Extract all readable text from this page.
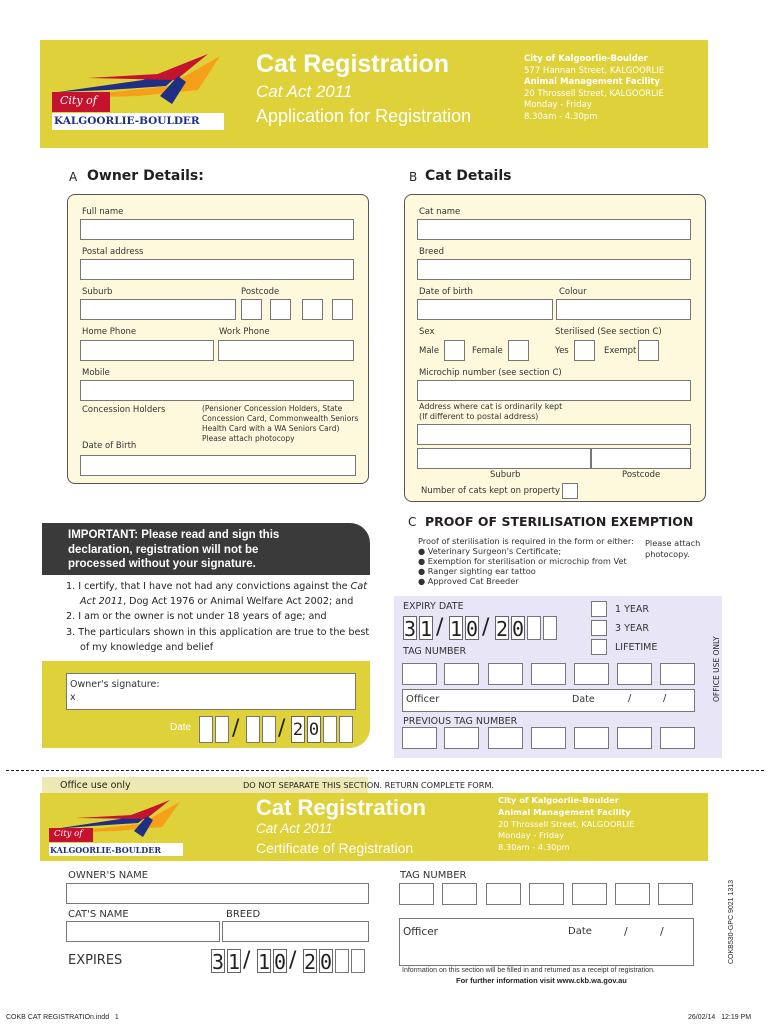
City of
KALGOORLIE-BOULDER
Cat Registration
Cat Act 2011
Application for Registration
City of Kalgoorlie-Boulder
577 Hannan Street, KALGOORLIE
Animal Management Facility
20 Throssell Street, KALGOORLIE
Monday - Friday
8.30am - 4.30pm
A Owner Details:
Full name
Postal address
Suburb	Postcode
Home Phone	Work Phone
Mobile
Concession Holders	(Pensioner Concession Holders, State
Concession Card, Commonwealth Seniors
Health Card with a WA Seniors Card)
Please attach photocopy
Date of Birth
B Cat Details
Cat name
Breed
Date of birth	Colour
Sex	Sterilised (See section C)
Male	Female	Yes	Exempt
Microchip number (see section C)
Address where cat is ordinarily kept
(If different to postal address)
Suburb	Postcode
Number of cats kept on property
IMPORTANT: Please read and sign this
declaration, registration will not be
processed without your signature.
1. I certify, that I have not had any convictions against the Cat
Act 2011, Dog Act 1976 or Animal Welfare Act 2002; and
2. I am or the owner is not under 18 years of age; and
3. The particulars shown in this application are true to the best
of my knowledge and belief
Owner's signature:
x
Date / / 2 0
C PROOF OF STERILISATION EXEMPTION
Proof of sterilisation is required in the form or either:
● Veterinary Surgeon's Certificate;
● Exemption for sterilisation or microchip from Vet
● Ranger sighting ear tattoo
● Approved Cat Breeder
Please attach
photocopy.
OFFICE USE ONLY
EXPIRY DATE
3 1 / 1 0 / 2 0
1 YEAR
3 YEAR
LIFETIME
TAG NUMBER
Officer	Date	/	/
PREVIOUS TAG NUMBER
Office use only	DO NOT SEPARATE THIS SECTION. RETURN COMPLETE FORM.
City of
KALGOORLIE-BOULDER
Cat Registration
Cat Act 2011
Certificate of Registration
City of Kalgoorlie-Boulder
Animal Management Facility
20 Throssell Street, KALGOORLIE
Monday - Friday
8.30am - 4.30pm
OWNER'S NAME	TAG NUMBER
CAT'S NAME	BREED
Officer	Date	/	/
EXPIRES	3 1 / 1 0 / 2 0	Information on this section will be filled in and returned as a receipt of registration.
For further information visit www.ckb.wa.gov.au
COKB530-GPC 9021 1313
COKB CAT REGISTRATIOn.indd   1	26/02/14   12:19 PM
